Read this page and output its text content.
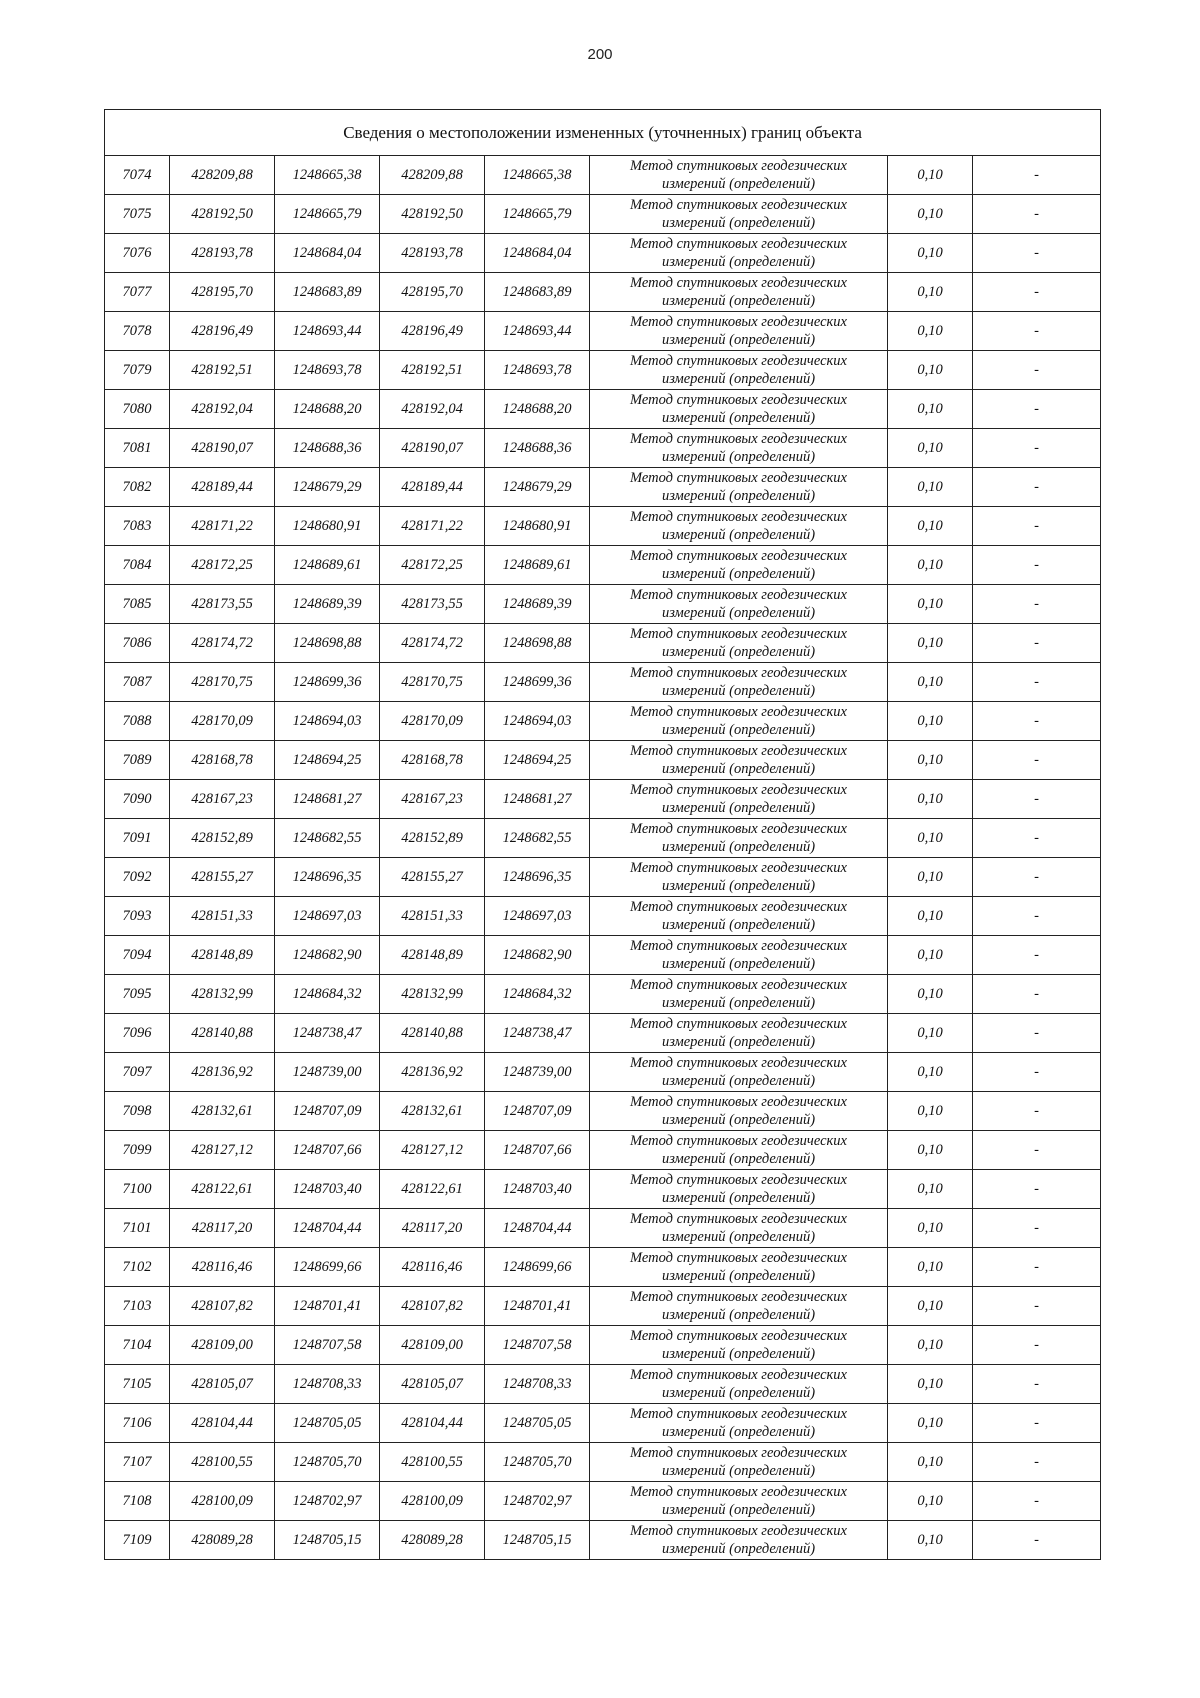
200
Сведения о местоположении измененных (уточненных) границ объекта							
7074	428209,88	1248665,38	428209,88	1248665,38	Метод спутниковых геодезических
измерений (определений)	0,10	-
7075	428192,50	1248665,79	428192,50	1248665,79	Метод спутниковых геодезических
измерений (определений)	0,10	-
7076	428193,78	1248684,04	428193,78	1248684,04	Метод спутниковых геодезических
измерений (определений)	0,10	-
7077	428195,70	1248683,89	428195,70	1248683,89	Метод спутниковых геодезических
измерений (определений)	0,10	-
7078	428196,49	1248693,44	428196,49	1248693,44	Метод спутниковых геодезических
измерений (определений)	0,10	-
7079	428192,51	1248693,78	428192,51	1248693,78	Метод спутниковых геодезических
измерений (определений)	0,10	-
7080	428192,04	1248688,20	428192,04	1248688,20	Метод спутниковых геодезических
измерений (определений)	0,10	-
7081	428190,07	1248688,36	428190,07	1248688,36	Метод спутниковых геодезических
измерений (определений)	0,10	-
7082	428189,44	1248679,29	428189,44	1248679,29	Метод спутниковых геодезических
измерений (определений)	0,10	-
7083	428171,22	1248680,91	428171,22	1248680,91	Метод спутниковых геодезических
измерений (определений)	0,10	-
7084	428172,25	1248689,61	428172,25	1248689,61	Метод спутниковых геодезических
измерений (определений)	0,10	-
7085	428173,55	1248689,39	428173,55	1248689,39	Метод спутниковых геодезических
измерений (определений)	0,10	-
7086	428174,72	1248698,88	428174,72	1248698,88	Метод спутниковых геодезических
измерений (определений)	0,10	-
7087	428170,75	1248699,36	428170,75	1248699,36	Метод спутниковых геодезических
измерений (определений)	0,10	-
7088	428170,09	1248694,03	428170,09	1248694,03	Метод спутниковых геодезических
измерений (определений)	0,10	-
7089	428168,78	1248694,25	428168,78	1248694,25	Метод спутниковых геодезических
измерений (определений)	0,10	-
7090	428167,23	1248681,27	428167,23	1248681,27	Метод спутниковых геодезических
измерений (определений)	0,10	-
7091	428152,89	1248682,55	428152,89	1248682,55	Метод спутниковых геодезических
измерений (определений)	0,10	-
7092	428155,27	1248696,35	428155,27	1248696,35	Метод спутниковых геодезических
измерений (определений)	0,10	-
7093	428151,33	1248697,03	428151,33	1248697,03	Метод спутниковых геодезических
измерений (определений)	0,10	-
7094	428148,89	1248682,90	428148,89	1248682,90	Метод спутниковых геодезических
измерений (определений)	0,10	-
7095	428132,99	1248684,32	428132,99	1248684,32	Метод спутниковых геодезических
измерений (определений)	0,10	-
7096	428140,88	1248738,47	428140,88	1248738,47	Метод спутниковых геодезических
измерений (определений)	0,10	-
7097	428136,92	1248739,00	428136,92	1248739,00	Метод спутниковых геодезических
измерений (определений)	0,10	-
7098	428132,61	1248707,09	428132,61	1248707,09	Метод спутниковых геодезических
измерений (определений)	0,10	-
7099	428127,12	1248707,66	428127,12	1248707,66	Метод спутниковых геодезических
измерений (определений)	0,10	-
7100	428122,61	1248703,40	428122,61	1248703,40	Метод спутниковых геодезических
измерений (определений)	0,10	-
7101	428117,20	1248704,44	428117,20	1248704,44	Метод спутниковых геодезических
измерений (определений)	0,10	-
7102	428116,46	1248699,66	428116,46	1248699,66	Метод спутниковых геодезических
измерений (определений)	0,10	-
7103	428107,82	1248701,41	428107,82	1248701,41	Метод спутниковых геодезических
измерений (определений)	0,10	-
7104	428109,00	1248707,58	428109,00	1248707,58	Метод спутниковых геодезических
измерений (определений)	0,10	-
7105	428105,07	1248708,33	428105,07	1248708,33	Метод спутниковых геодезических
измерений (определений)	0,10	-
7106	428104,44	1248705,05	428104,44	1248705,05	Метод спутниковых геодезических
измерений (определений)	0,10	-
7107	428100,55	1248705,70	428100,55	1248705,70	Метод спутниковых геодезических
измерений (определений)	0,10	-
7108	428100,09	1248702,97	428100,09	1248702,97	Метод спутниковых геодезических
измерений (определений)	0,10	-
7109	428089,28	1248705,15	428089,28	1248705,15	Метод спутниковых геодезических
измерений (определений)	0,10	-
